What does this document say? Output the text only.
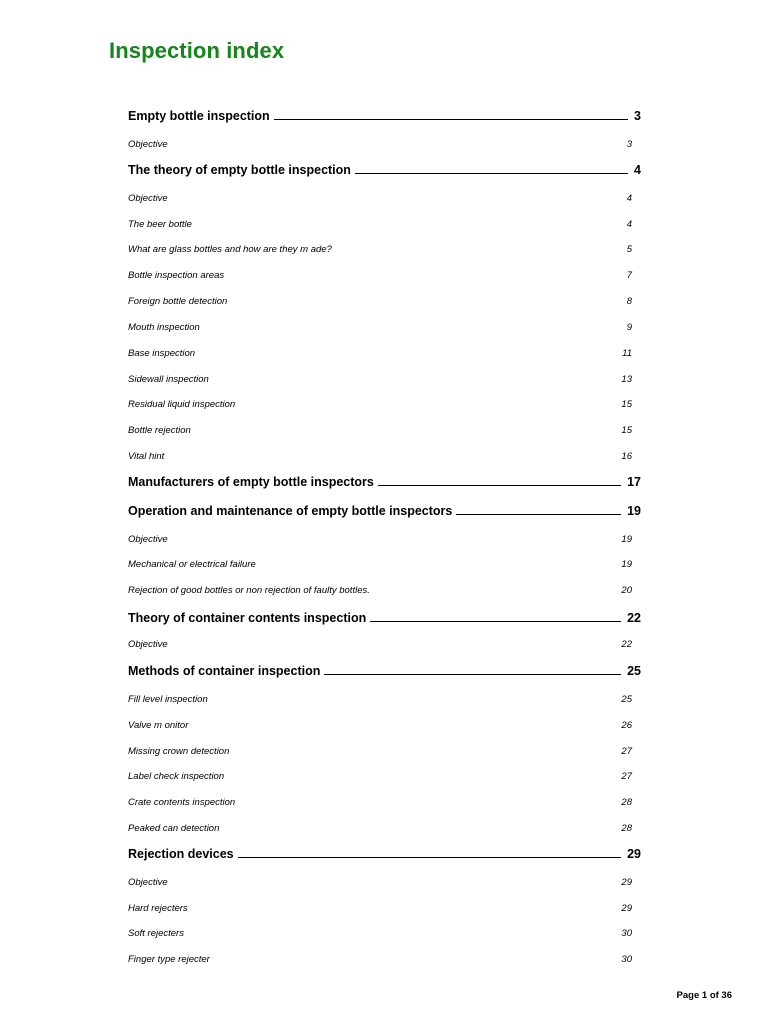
Inspection index
Empty bottle inspection	3
Objective	3
The theory of empty bottle inspection	4
Objective	4
The beer bottle	4
What are glass bottles and how are they m ade?	5
Bottle inspection areas	7
Foreign bottle detection	8
Mouth inspection	9
Base inspection	11
Sidewall inspection	13
Residual liquid inspection	15
Bottle rejection	15
Vital hint	16
Manufacturers of empty bottle inspectors	17
Operation and maintenance of empty bottle inspectors	19
Objective	19
Mechanical or electrical failure	19
Rejection of good bottles or non rejection of faulty bottles.	20
Theory of container contents inspection	22
Objective	22
Methods of container inspection	25
Fill level inspection	25
Valve m onitor	26
Missing crown detection	27
Label check inspection	27
Crate contents inspection	28
Peaked can detection	28
Rejection devices	29
Objective	29
Hard rejecters	29
Soft rejecters	30
Finger type rejecter	30
Page 1 of 36
